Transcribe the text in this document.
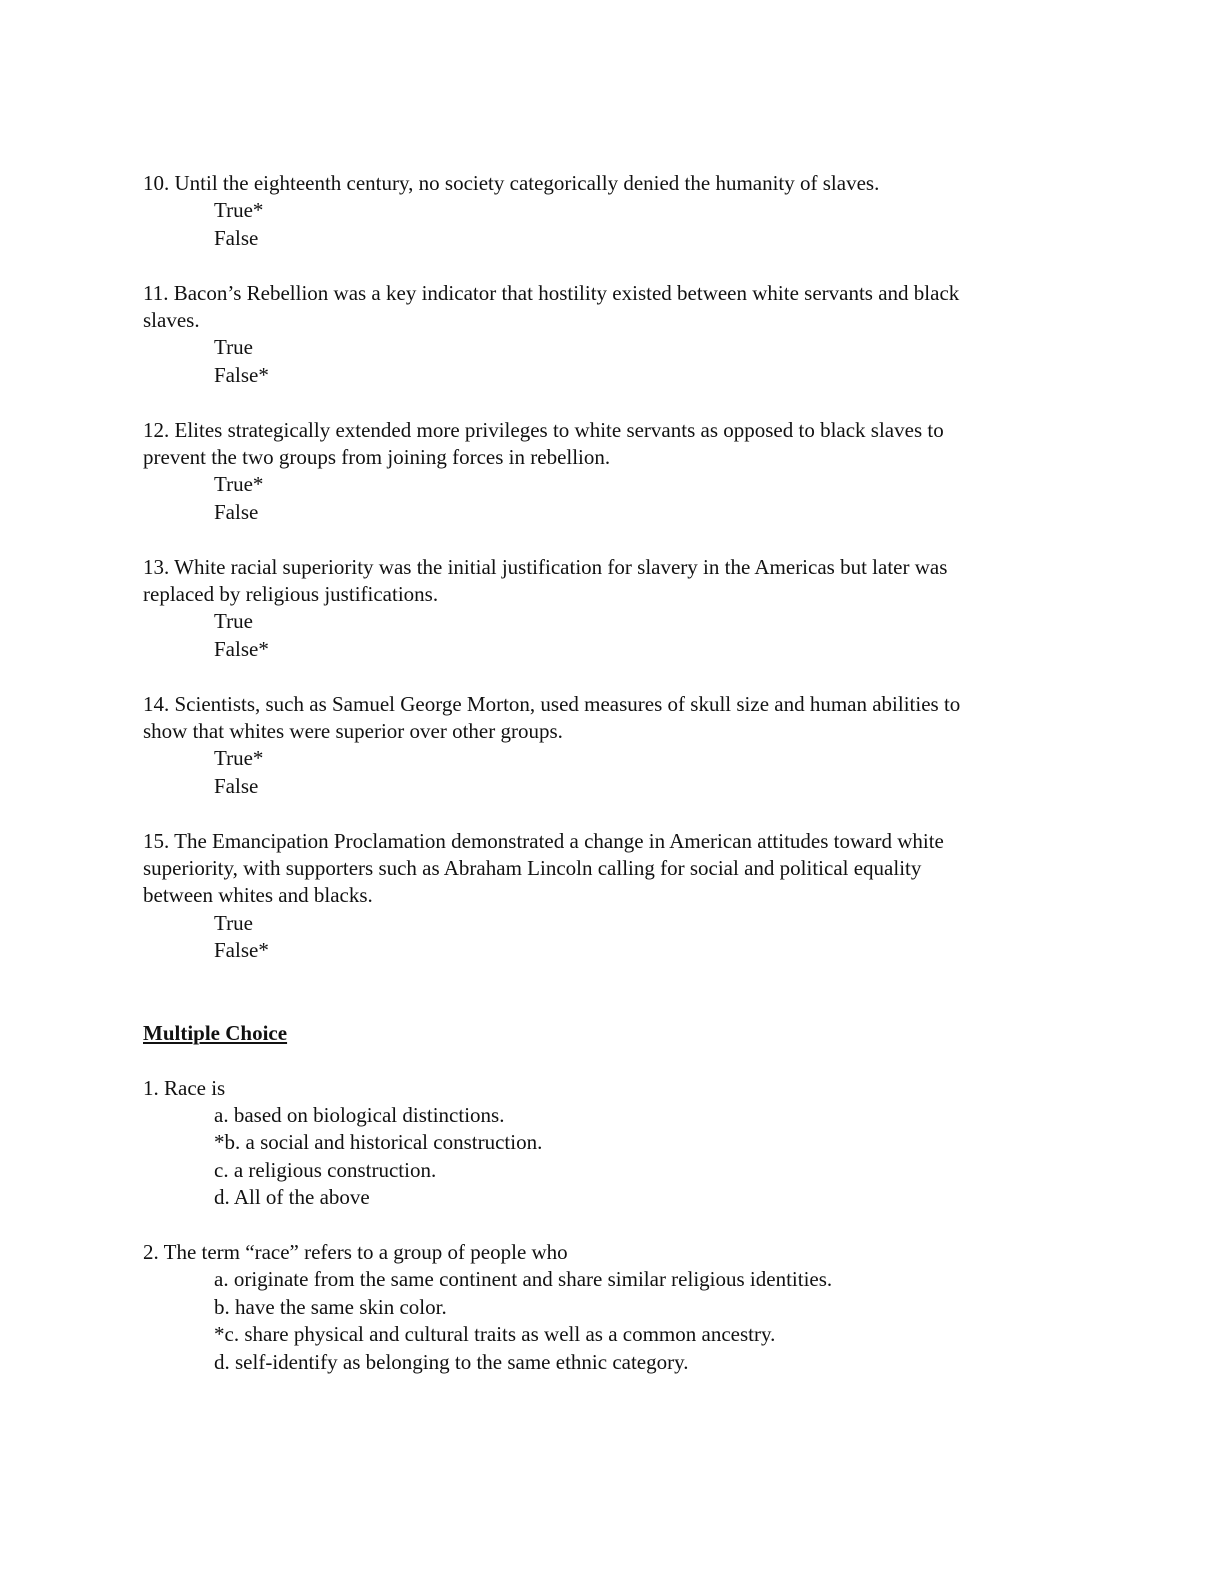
10. Until the eighteenth century, no society categorically denied the humanity of slaves.
True*
False
11. Bacon’s Rebellion was a key indicator that hostility existed between white servants and black
slaves.
True
False*
12. Elites strategically extended more privileges to white servants as opposed to black slaves to
prevent the two groups from joining forces in rebellion.
True*
False
13. White racial superiority was the initial justification for slavery in the Americas but later was
replaced by religious justifications.
True
False*
14. Scientists, such as Samuel George Morton, used measures of skull size and human abilities to
show that whites were superior over other groups.
True*
False
15. The Emancipation Proclamation demonstrated a change in American attitudes toward white
superiority, with supporters such as Abraham Lincoln calling for social and political equality
between whites and blacks.
True
False*
Multiple Choice
1. Race is
a. based on biological distinctions.
*b. a social and historical construction.
c. a religious construction.
d. All of the above
2. The term “race” refers to a group of people who
a. originate from the same continent and share similar religious identities.
b. have the same skin color.
*c. share physical and cultural traits as well as a common ancestry.
d. self-identify as belonging to the same ethnic category.
